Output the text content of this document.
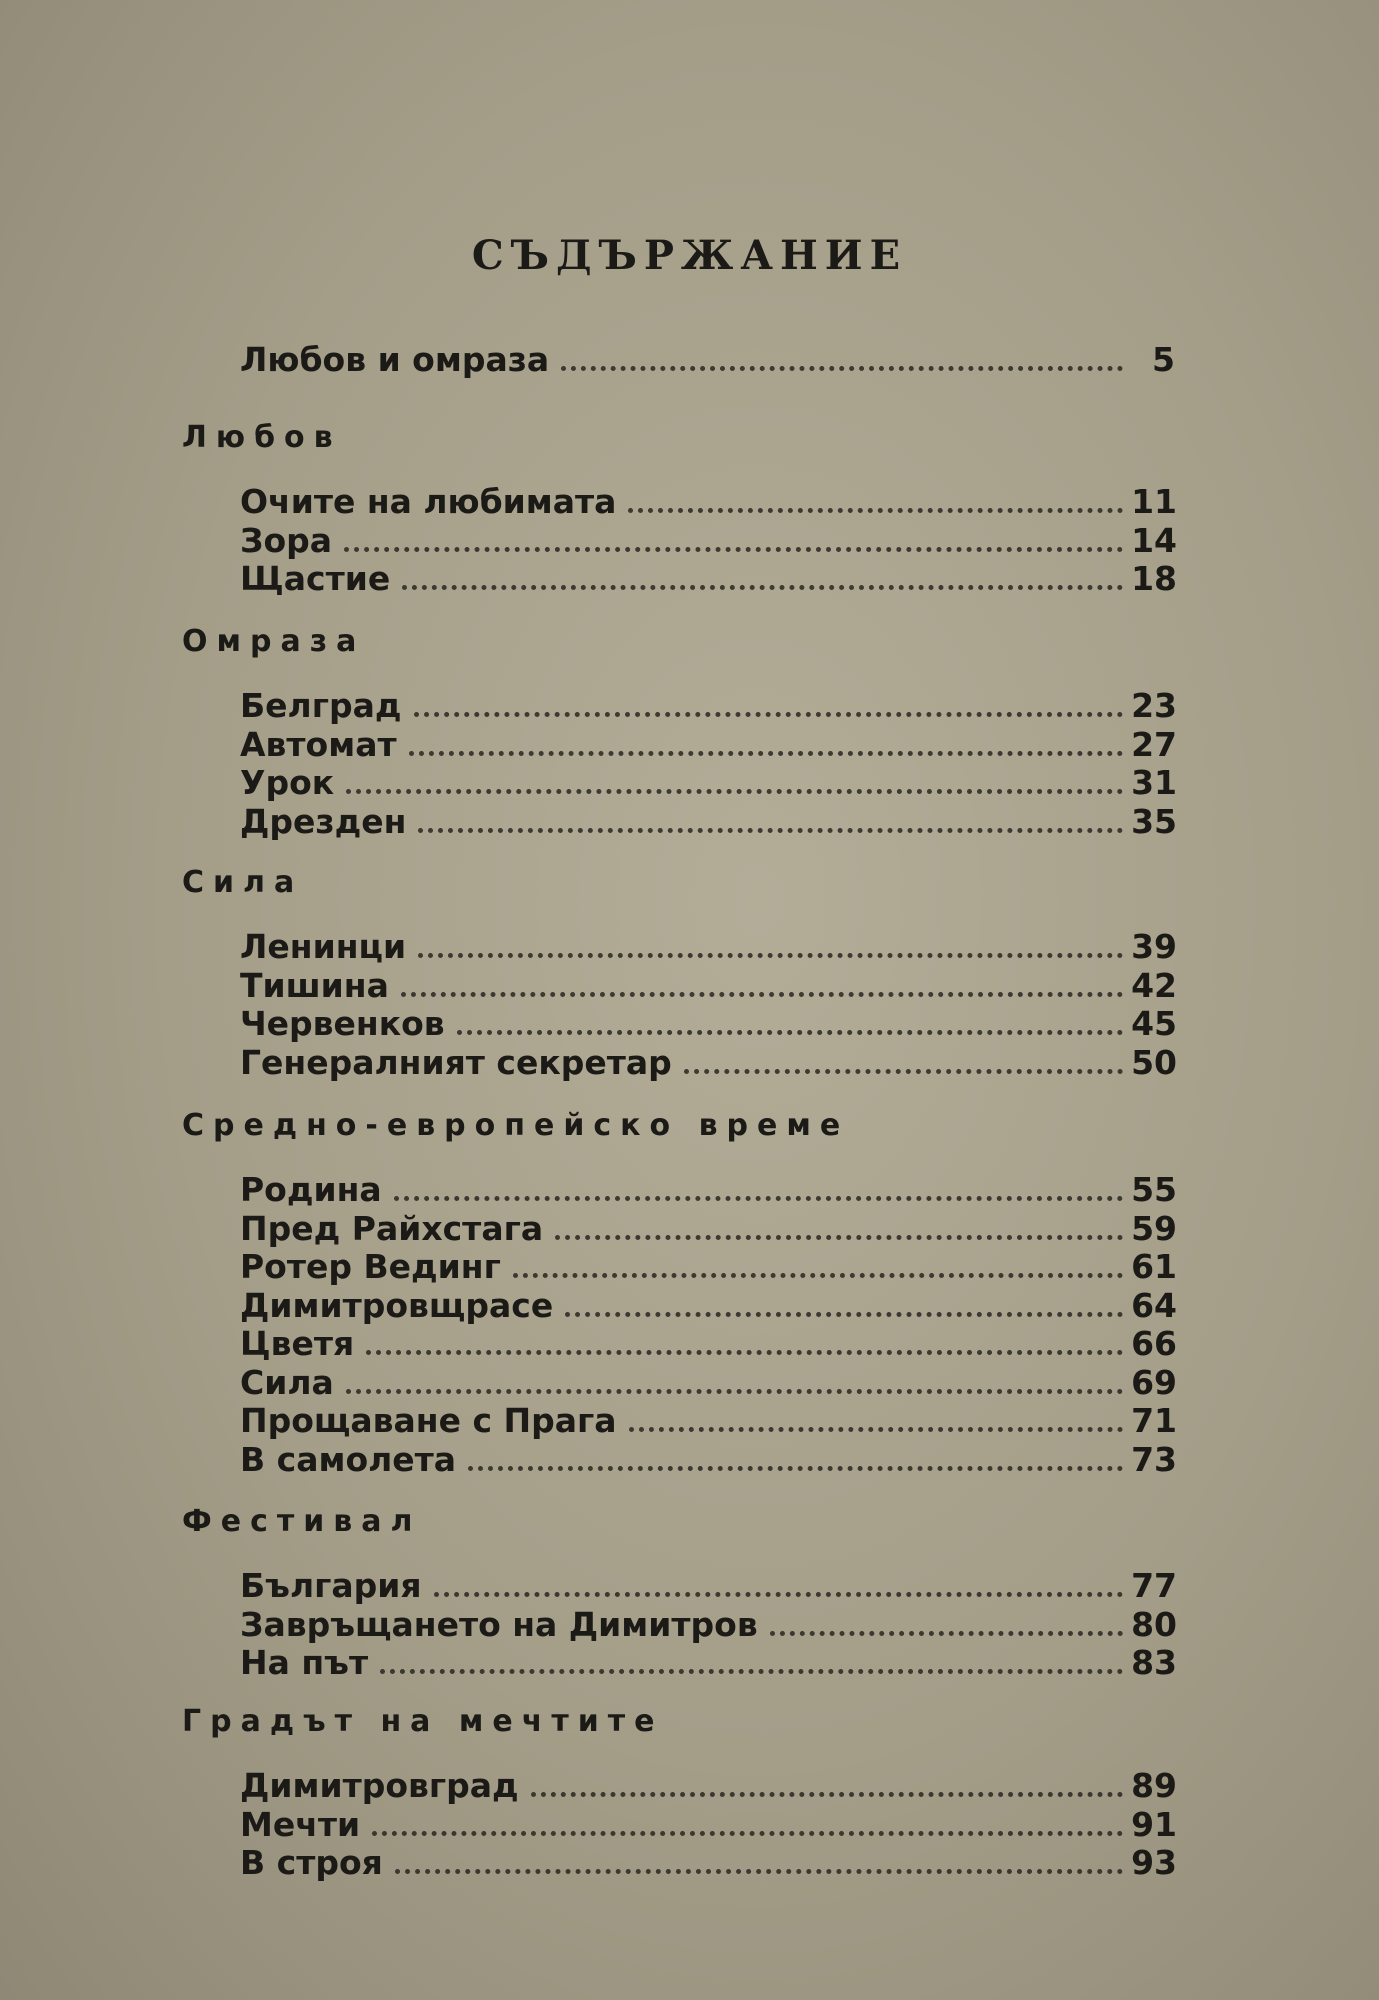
СЪДЪРЖАНИЕ
Любов и омраза	5
Любов
Очите на любимата	11
Зора	14
Щастие	18
Омраза
Белград	23
Автомат	27
Урок	31
Дрезден	35
Сила
Ленинци	39
Тишина	42
Червенков	45
Генералният секретар	50
Средно-европейско време
Родина	55
Пред Райхстага	59
Ротер Вединг	61
Димитровщрасе	64
Цветя	66
Сила	69
Прощаване с Прага	71
В самолета	73
Фестивал
България	77
Завръщането на Димитров	80
На път	83
Градът на мечтите
Димитровград	89
Мечти	91
В строя	93
